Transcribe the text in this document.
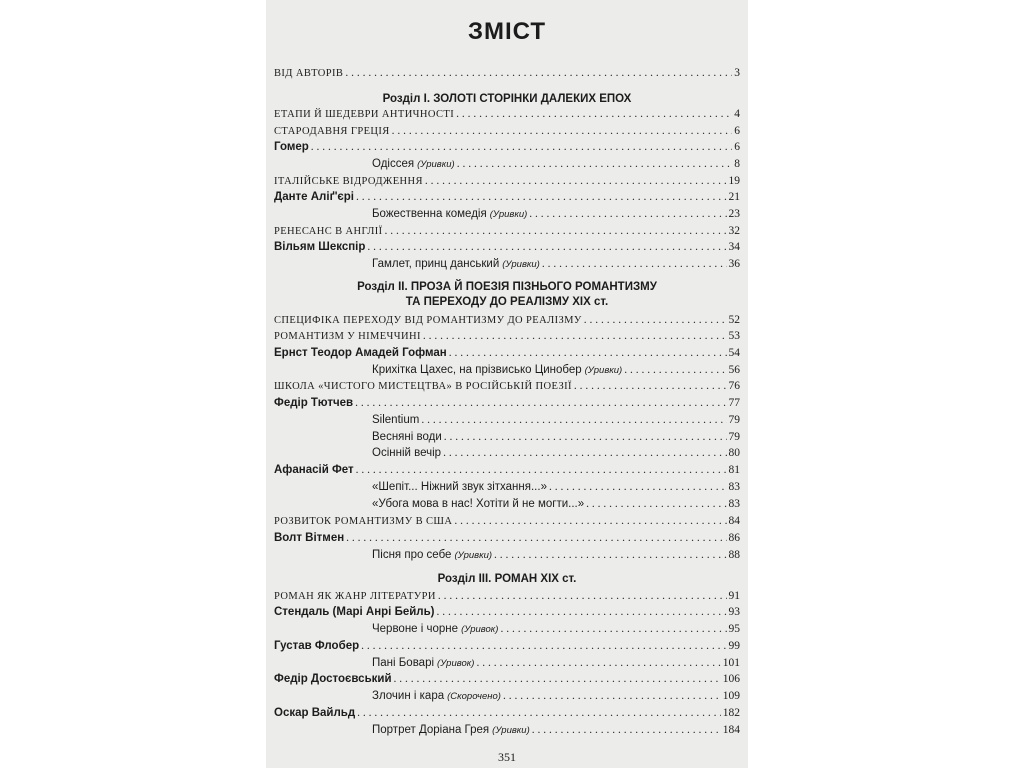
ЗМІСТ
ВІД АВТОРІВ . . .	3
Розділ I. ЗОЛОТІ СТОРІНКИ ДАЛЕКИХ ЕПОХ
ЕТАПИ Й ШЕДЕВРИ АНТИЧНОСТІ . . .	4
СТАРОДАВНЯ ГРЕЦІЯ . . .	6
Гомер . . .	6
Одіссея (Уривки) . . .	8
ІТАЛІЙСЬКЕ ВІДРОДЖЕННЯ . . .	19
Данте Аліґ'єрі . . .	21
Божественна комедія (Уривки) . . .	23
РЕНЕСАНС В АНГЛІЇ . . .	32
Вільям Шекспір . . .	34
Гамлет, принц данський (Уривки) . . .	36
Розділ II. ПРОЗА Й ПОЕЗІЯ ПІЗНЬОГО РОМАНТИЗМУ
ТА ПЕРЕХОДУ ДО РЕАЛІЗМУ XIX ст.
СПЕЦИФІКА ПЕРЕХОДУ ВІД РОМАНТИЗМУ ДО РЕАЛІЗМУ . . .	52
РОМАНТИЗМ У НІМЕЧЧИНІ . . .	53
Ернст Теодор Амадей Гофман . . .	54
Крихітка Цахес, на прізвисько Цинобер (Уривки) . . .	56
ШКОЛА «ЧИСТОГО МИСТЕЦТВА» В РОСІЙСЬКІЙ ПОЕЗІЇ . . .	76
Федір Тютчев . . .	77
Silentium . . .	79
Весняні води . . .	79
Осінній вечір . . .	80
Афанасій Фет . . .	81
«Шепіт... Ніжний звук зітхання...» . . .	83
«Убога мова в нас! Хотіти й не могти...» . . .	83
РОЗВИТОК РОМАНТИЗМУ В США . . .	84
Волт Вітмен . . .	86
Пісня про себе (Уривки) . . .	88
Розділ III. РОМАН XIX ст.
РОМАН ЯК ЖАНР ЛІТЕРАТУРИ . . .	91
Стендаль (Марі Анрі Бейль) . . .	93
Червоне і чорне (Уривок) . . .	95
Густав Флобер . . .	99
Пані Боварі (Уривок) . . .	101
Федір Достоєвський . . .	106
Злочин і кара (Скорочено) . . .	109
Оскар Вайльд . . .	182
Портрет Доріана Грея (Уривки) . . .	184
351
